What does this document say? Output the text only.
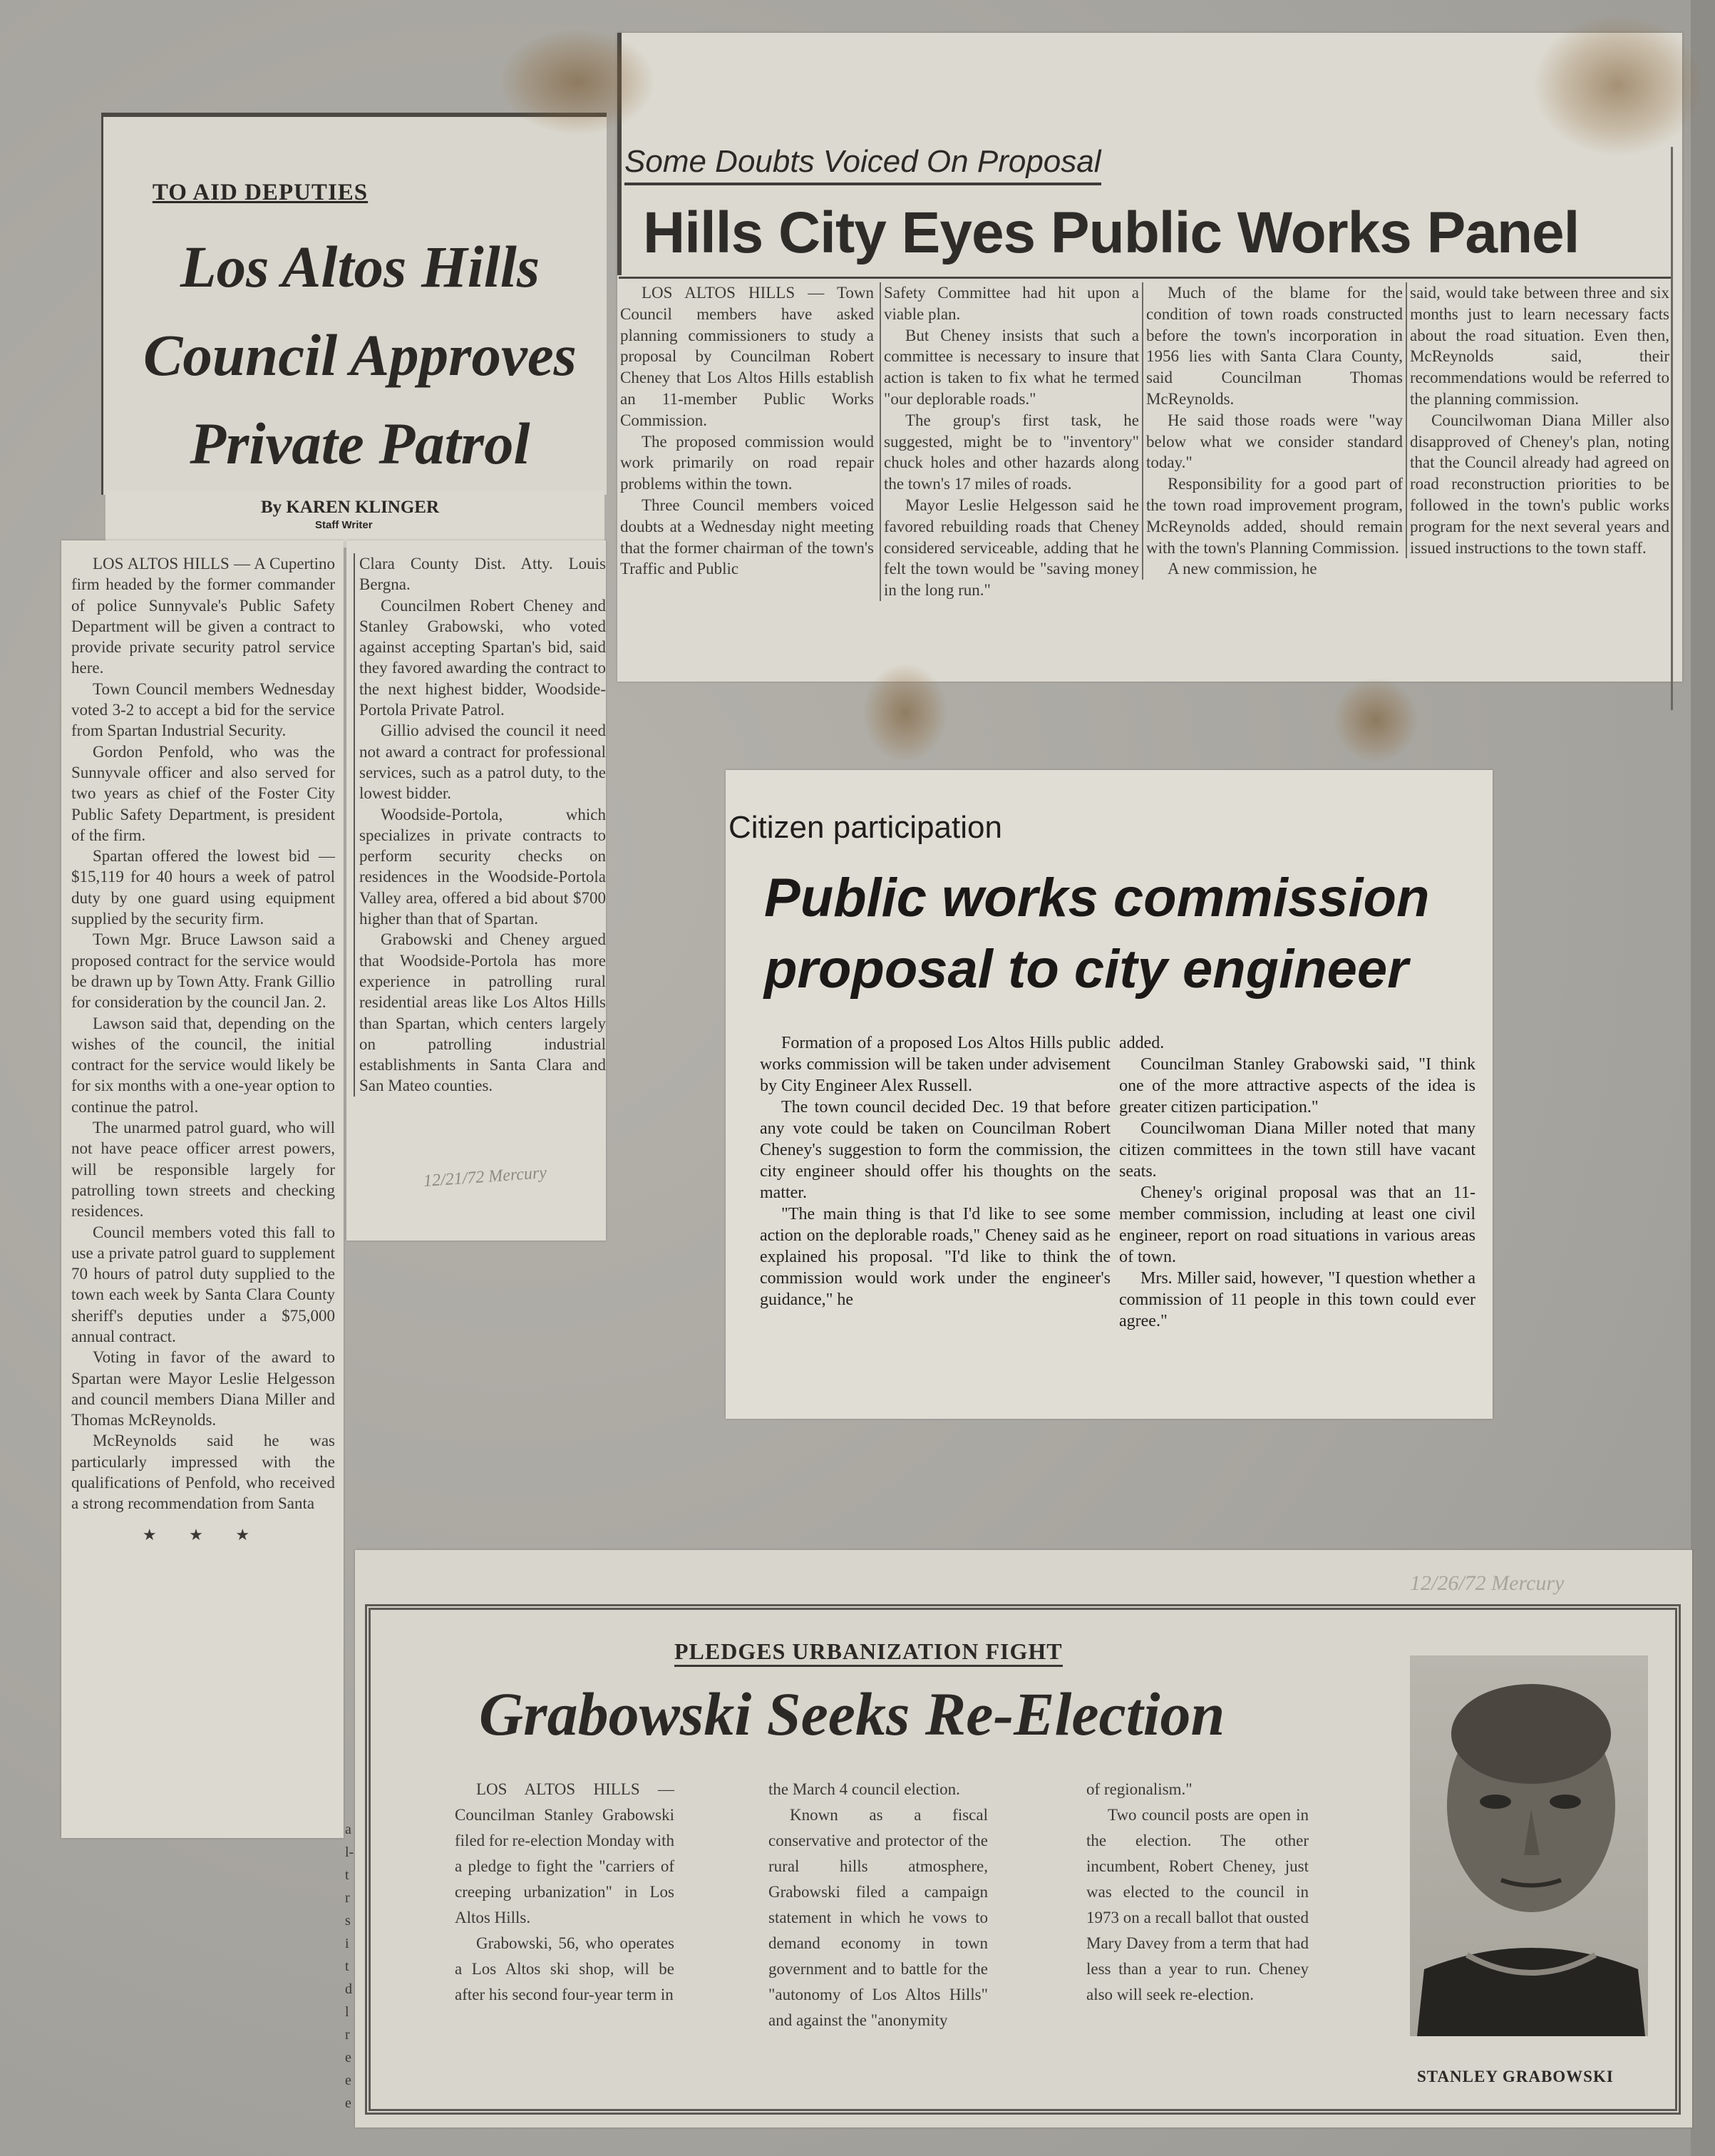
TO AID DEPUTIES
Los Altos Hills
Council Approves
Private Patrol
By KAREN KLINGER
Staff Writer

LOS ALTOS HILLS — A Cupertino firm headed by the former commander of police Sunnyvale's Public Safety Department will be given a contract to provide private security patrol service here.

Town Council members Wednesday voted 3-2 to accept a bid for the service from Spartan Industrial Security.

Gordon Penfold, who was the Sunnyvale officer and also served for two years as chief of the Foster City Public Safety Department, is president of the firm.

Spartan offered the lowest bid — $15,119 for 40 hours a week of patrol duty by one guard using equipment supplied by the security firm.

Town Mgr. Bruce Lawson said a proposed contract for the service would be drawn up by Town Atty. Frank Gillio for consideration by the council Jan. 2.

Lawson said that, depending on the wishes of the council, the initial contract for the service would likely be for six months with a one-year option to continue the patrol.

The unarmed patrol guard, who will not have peace officer arrest powers, will be responsible largely for patrolling town streets and checking residences.

Council members voted this fall to use a private patrol guard to supplement 70 hours of patrol duty supplied to the town each week by Santa Clara County sheriff's deputies under a $75,000 annual contract.

Voting in favor of the award to Spartan were Mayor Leslie Helgesson and council members Diana Miller and Thomas McReynolds.

McReynolds said he was particularly impressed with the qualifications of Penfold, who received a strong recommendation from Santa

★ ★ ★

Clara County Dist. Atty. Louis Bergna.

Councilmen Robert Cheney and Stanley Grabowski, who voted against accepting Spartan's bid, said they favored awarding the contract to the next highest bidder, Woodside-Portola Private Patrol.

Gillio advised the council it need not award a contract for professional services, such as a patrol duty, to the lowest bidder.

Woodside-Portola, which specializes in private contracts to perform security checks on residences in the Woodside-Portola Valley area, offered a bid about $700 higher than that of Spartan.

Grabowski and Cheney argued that Woodside-Portola has more experience in patrolling rural residential areas like Los Altos Hills than Spartan, which centers largely on patrolling industrial establishments in Santa Clara and San Mateo counties.

12/21/72 Mercury
Some Doubts Voiced On Proposal
Hills City Eyes Public Works Panel

LOS ALTOS HILLS — Town Council members have asked planning commissioners to study a proposal by Councilman Robert Cheney that Los Altos Hills establish an 11-member Public Works Commission.

The proposed commission would work primarily on road repair problems within the town.

Three Council members voiced doubts at a Wednesday night meeting that the former chairman of the town's Traffic and Public

Safety Committee had hit upon a viable plan.

But Cheney insists that such a committee is necessary to insure that action is taken to fix what he termed "our deplorable roads."

The group's first task, he suggested, might be to "inventory" chuck holes and other hazards along the town's 17 miles of roads.

Mayor Leslie Helgesson said he favored rebuilding roads that Cheney considered serviceable, adding that he felt the town would be "saving money in the long run."

Much of the blame for the condition of town roads constructed before the town's incorporation in 1956 lies with Santa Clara County, said Councilman Thomas McReynolds.

He said those roads were "way below what we consider standard today."

Responsibility for a good part of the town road improvement program, McReynolds added, should remain with the town's Planning Commission.

A new commission, he

said, would take between three and six months just to learn necessary facts about the road situation. Even then, McReynolds said, their recommendations would be referred to the planning commission.

Councilwoman Diana Miller also disapproved of Cheney's plan, noting that the Council already had agreed on road reconstruction priorities to be followed in the town's public works program for the next several years and issued instructions to the town staff.

Citizen participation
Public works commission
proposal to city engineer

Formation of a proposed Los Altos Hills public works commission will be taken under advisement by City Engineer Alex Russell.

The town council decided Dec. 19 that before any vote could be taken on Councilman Robert Cheney's suggestion to form the commission, the city engineer should offer his thoughts on the matter.

"The main thing is that I'd like to see some action on the deplorable roads," Cheney said as he explained his proposal. "I'd like to think the commission would work under the engineer's guidance," he

added.

Councilman Stanley Grabowski said, "I think one of the more attractive aspects of the idea is greater citizen participation."

Councilwoman Diana Miller noted that many citizen committees in the town still have vacant seats.

Cheney's original proposal was that an 11-member commission, including at least one civil engineer, report on road situations in various areas of town.

Mrs. Miller said, however, "I question whether a commission of 11 people in this town could ever agree."

a
l-
t
r
s
i
t
d
l
r
e
e
e
12/26/72 Mercury
PLEDGES URBANIZATION FIGHT
Grabowski Seeks Re-Election

LOS ALTOS HILLS — Councilman Stanley Grabowski filed for re-election Monday with a pledge to fight the "carriers of creeping urbanization" in Los Altos Hills.

Grabowski, 56, who operates a Los Altos ski shop, will be after his second four-year term in

the March 4 council election.

Known as a fiscal conservative and protector of the rural hills atmosphere, Grabowski filed a campaign statement in which he vows to demand economy in town government and to battle for the "autonomy of Los Altos Hills" and against the "anonymity

of regionalism."

Two council posts are open in the election. The other incumbent, Robert Cheney, just was elected to the council in 1973 on a recall ballot that ousted Mary Davey from a term that had less than a year to run. Cheney also will seek re-election.

STANLEY GRABOWSKI
